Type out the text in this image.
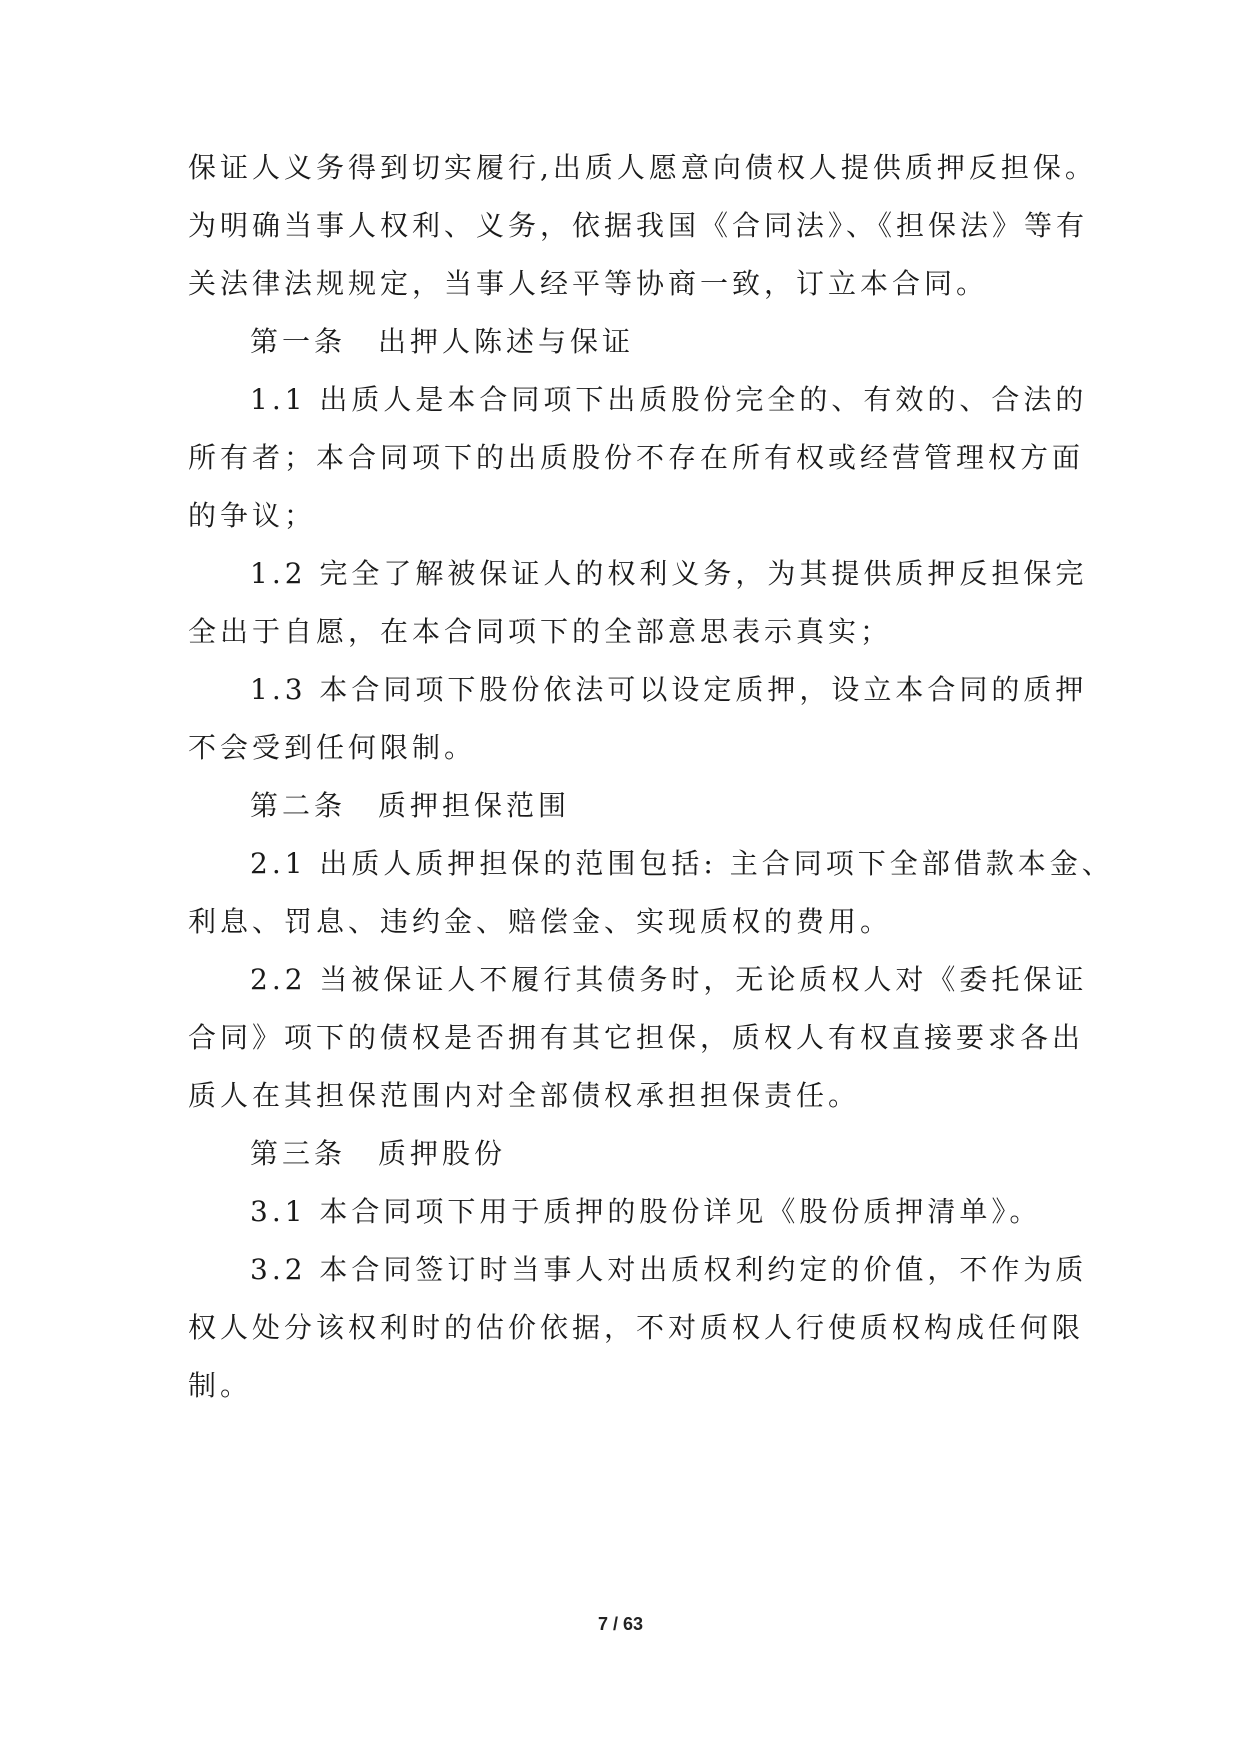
保证人义务得到切实履行,出质人愿意向债权人提供质押反担保。
为明确当事人权利、义务，依据我国《合同法》、《担保法》等有
关法律法规规定，当事人经平等协商一致，订立本合同。
第一条　出押人陈述与保证
1.1 出质人是本合同项下出质股份完全的、有效的、合法的
所有者；本合同项下的出质股份不存在所有权或经营管理权方面
的争议；
1.2 完全了解被保证人的权利义务，为其提供质押反担保完
全出于自愿，在本合同项下的全部意思表示真实；
1.3 本合同项下股份依法可以设定质押，设立本合同的质押
不会受到任何限制。
第二条　质押担保范围
2.1 出质人质押担保的范围包括: 主合同项下全部借款本金、
利息、罚息、违约金、赔偿金、实现质权的费用。
2.2 当被保证人不履行其债务时，无论质权人对《委托保证
合同》项下的债权是否拥有其它担保，质权人有权直接要求各出
质人在其担保范围内对全部债权承担担保责任。
第三条　质押股份
3.1 本合同项下用于质押的股份详见《股份质押清单》。
3.2 本合同签订时当事人对出质权利约定的价值，不作为质
权人处分该权利时的估价依据，不对质权人行使质权构成任何限
制。
7 / 63
